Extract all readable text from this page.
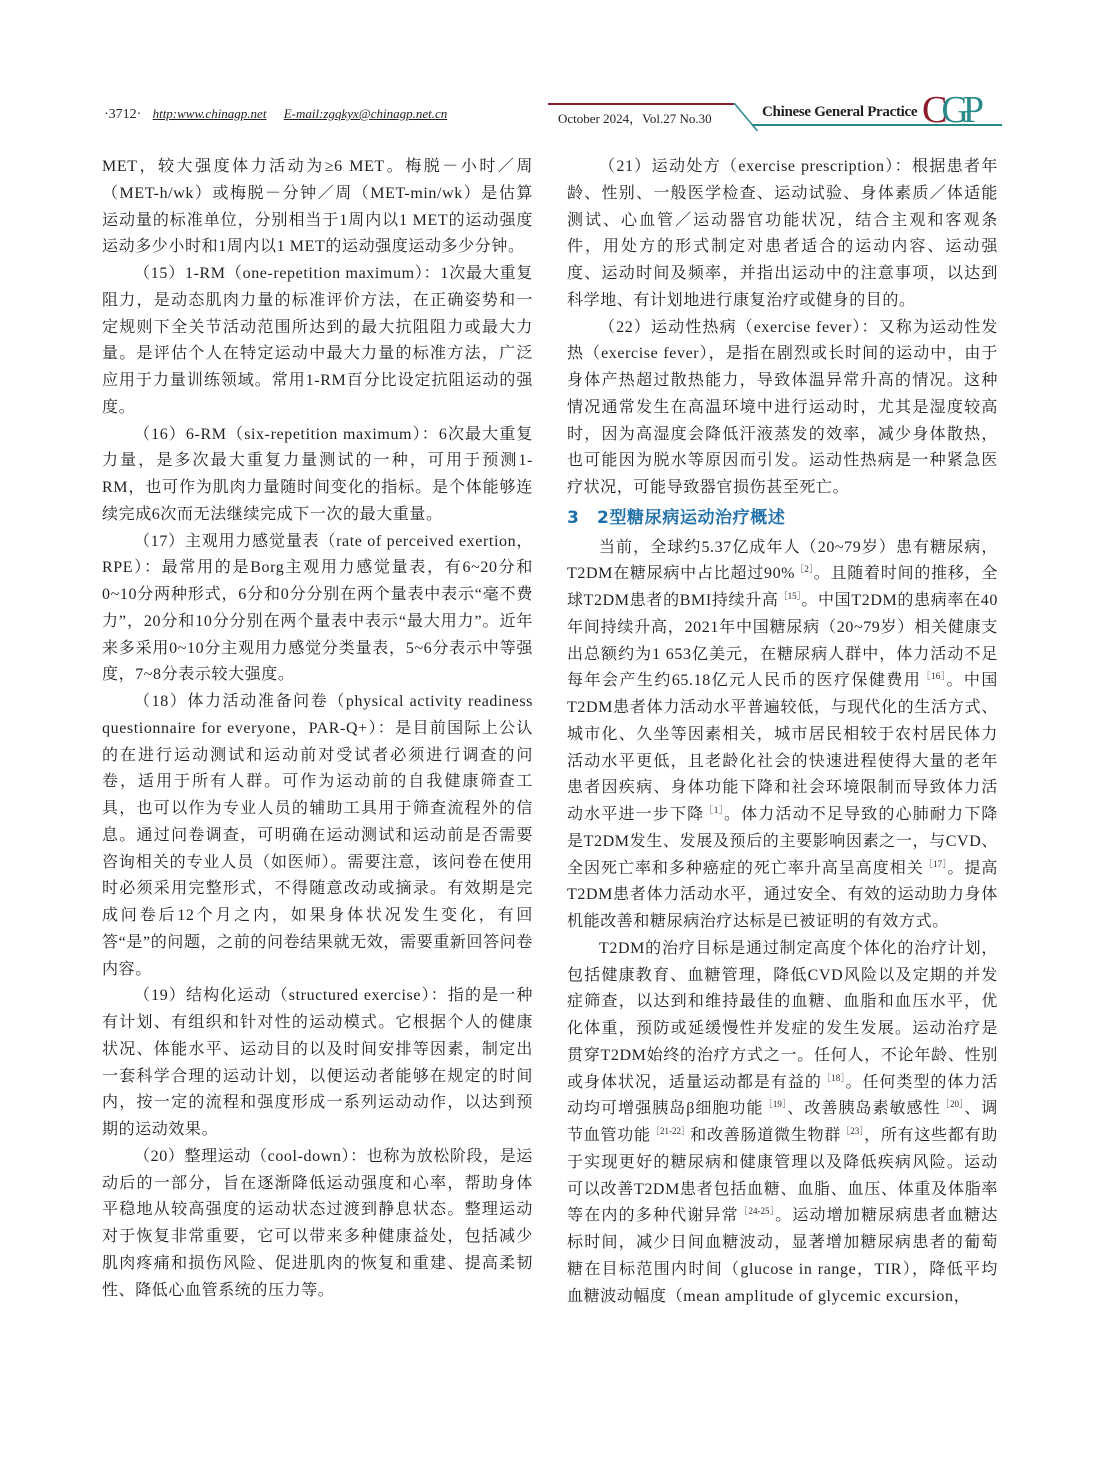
·3712· http:www.chinagp.net E-mail:zgqkyx@chinagp.net.cn	October 2024，Vol.27 No.30	Chinese General Practice CGP

MET，较大强度体力活动为≥6 MET。梅脱－小时／周（MET-h/wk）或梅脱－分钟／周（MET-min/wk）是估算运动量的标准单位，分别相当于1周内以1 MET的运动强度运动多少小时和1周内以1 MET的运动强度运动多少分钟。

（15）1-RM（one-repetition maximum）：1次最大重复阻力，是动态肌肉力量的标准评价方法，在正确姿势和一定规则下全关节活动范围所达到的最大抗阻阻力或最大力量。是评估个人在特定运动中最大力量的标准方法，广泛应用于力量训练领域。常用1-RM百分比设定抗阻运动的强度。

（16）6-RM（six-repetition maximum）：6次最大重复力量，是多次最大重复力量测试的一种，可用于预测1-RM，也可作为肌肉力量随时间变化的指标。是个体能够连续完成6次而无法继续完成下一次的最大重量。

（17）主观用力感觉量表（rate of perceived exertion，RPE）：最常用的是Borg主观用力感觉量表，有6~20分和0~10分两种形式，6分和0分分别在两个量表中表示“毫不费力”，20分和10分分别在两个量表中表示“最大用力”。近年来多采用0~10分主观用力感觉分类量表，5~6分表示中等强度，7~8分表示较大强度。

（18）体力活动准备问卷（physical activity readiness questionnaire for everyone，PAR-Q+）：是目前国际上公认的在进行运动测试和运动前对受试者必须进行调查的问卷，适用于所有人群。可作为运动前的自我健康筛查工具，也可以作为专业人员的辅助工具用于筛查流程外的信息。通过问卷调查，可明确在运动测试和运动前是否需要咨询相关的专业人员（如医师）。需要注意，该问卷在使用时必须采用完整形式，不得随意改动或摘录。有效期是完成问卷后12个月之内，如果身体状况发生变化，有回答“是”的问题，之前的问卷结果就无效，需要重新回答问卷内容。

（19）结构化运动（structured exercise）：指的是一种有计划、有组织和针对性的运动模式。它根据个人的健康状况、体能水平、运动目的以及时间安排等因素，制定出一套科学合理的运动计划，以便运动者能够在规定的时间内，按一定的流程和强度形成一系列运动动作，以达到预期的运动效果。

（20）整理运动（cool-down）：也称为放松阶段，是运动后的一部分，旨在逐渐降低运动强度和心率，帮助身体平稳地从较高强度的运动状态过渡到静息状态。整理运动对于恢复非常重要，它可以带来多种健康益处，包括减少肌肉疼痛和损伤风险、促进肌肉的恢复和重建、提高柔韧性、降低心血管系统的压力等。

（21）运动处方（exercise prescription）：根据患者年龄、性别、一般医学检查、运动试验、身体素质／体适能测试、心血管／运动器官功能状况，结合主观和客观条件，用处方的形式制定对患者适合的运动内容、运动强度、运动时间及频率，并指出运动中的注意事项，以达到科学地、有计划地进行康复治疗或健身的目的。

（22）运动性热病（exercise fever）：又称为运动性发热（exercise fever），是指在剧烈或长时间的运动中，由于身体产热超过散热能力，导致体温异常升高的情况。这种情况通常发生在高温环境中进行运动时，尤其是湿度较高时，因为高湿度会降低汗液蒸发的效率，减少身体散热，也可能因为脱水等原因而引发。运动性热病是一种紧急医疗状况，可能导致器官损伤甚至死亡。

3　2型糖尿病运动治疗概述

当前，全球约5.37亿成年人（20~79岁）患有糖尿病，T2DM在糖尿病中占比超过90%$^{[2]}$。且随着时间的推移，全球T2DM患者的BMI持续升高$^{[15]}$。中国T2DM的患病率在40年间持续升高，2021年中国糖尿病（20~79岁）相关健康支出总额约为1 653亿美元，在糖尿病人群中，体力活动不足每年会产生约65.18亿元人民币的医疗保健费用$^{[16]}$。中国T2DM患者体力活动水平普遍较低，与现代化的生活方式、城市化、久坐等因素相关，城市居民相较于农村居民体力活动水平更低，且老龄化社会的快速进程使得大量的老年患者因疾病、身体功能下降和社会环境限制而导致体力活动水平进一步下降$^{[1]}$。体力活动不足导致的心肺耐力下降是T2DM发生、发展及预后的主要影响因素之一，与CVD、全因死亡率和多种癌症的死亡率升高呈高度相关$^{[17]}$。提高T2DM患者体力活动水平，通过安全、有效的运动助力身体机能改善和糖尿病治疗达标是已被证明的有效方式。

T2DM的治疗目标是通过制定高度个体化的治疗计划，包括健康教育、血糖管理，降低CVD风险以及定期的并发症筛查，以达到和维持最佳的血糖、血脂和血压水平，优化体重，预防或延缓慢性并发症的发生发展。运动治疗是贯穿T2DM始终的治疗方式之一。任何人，不论年龄、性别或身体状况，适量运动都是有益的$^{[18]}$。任何类型的体力活动均可增强胰岛β细胞功能$^{[19]}$、改善胰岛素敏感性$^{[20]}$、调节血管功能$^{[21-22]}$和改善肠道微生物群$^{[23]}$，所有这些都有助于实现更好的糖尿病和健康管理以及降低疾病风险。运动可以改善T2DM患者包括血糖、血脂、血压、体重及体脂率等在内的多种代谢异常$^{[24-25]}$。运动增加糖尿病患者血糖达标时间，减少日间血糖波动，显著增加糖尿病患者的葡萄糖在目标范围内时间（glucose in range，TIR），降低平均血糖波动幅度（mean amplitude of glycemic excursion，
